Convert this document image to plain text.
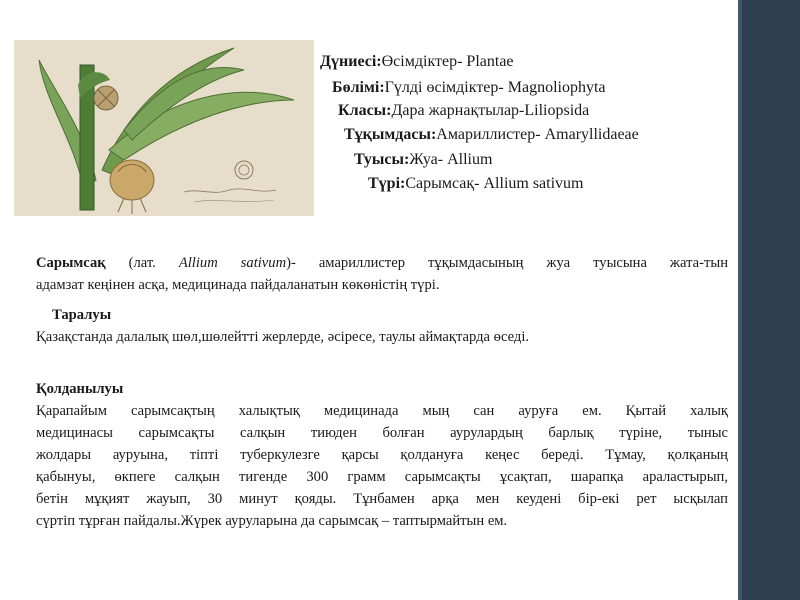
Дүниесі:Өсімдіктер- Plantae
Бөлімі:Гүлді өсімдіктер- Magnoliophyta
Класы:Дара жарнақтылар-Liliopsida
Тұқымдасы:Амариллистер- Amaryllidaeae
Туысы:Жуа- Allium
Түрі:Сарымсақ- Allium sativum
Сарымсақ (лат. Allium sativum)- амариллистер тұқымдасының жуа туысына жата-тын
адамзат кеңінен асқа, медицинада пайдаланатын көкөністің түрі.
Таралуы
Қазақстанда далалық шөл,шөлейтті жерлерде, әсіресе, таулы аймақтарда өседі.
Қолданылуы
Қарапайым сарымсақтың халықтық медицинада мың сан ауруға ем. Қытай халық
медицинасы сарымсақты салқын тиюден болған аурулардың барлық түріне, тыныс
жолдары ауруына, тіпті туберкулезге қарсы қолдануға кеңес береді. Тұмау, қолқаның
қабынуы, өкпеге салқын тигенде 300 грамм сарымсақты ұсақтап, шарапқа араластырып,
бетін мұқият жауып, 30 минут қояды. Тұнбамен арқа мен кеудені бір-екі рет ысқылап
сүртіп тұрған пайдалы.Жүрек ауруларына да сарымсақ – таптырмайтын ем.
